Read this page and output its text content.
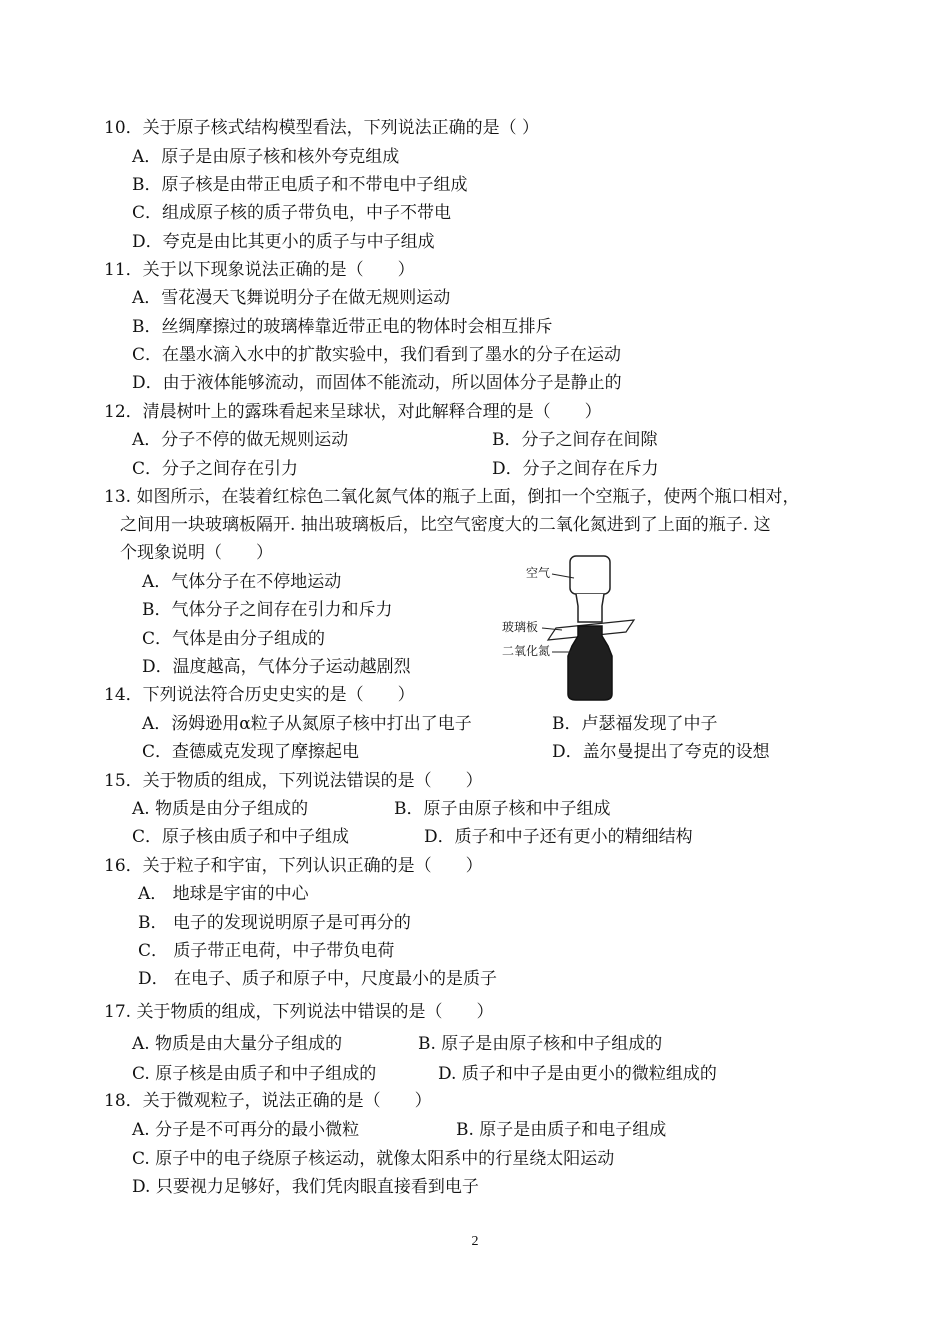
10．关于原子核式结构模型看法，下列说法正确的是（ ）
A．原子是由原子核和核外夸克组成
B．原子核是由带正电质子和不带电中子组成
C．组成原子核的质子带负电，中子不带电
D．夸克是由比其更小的质子与中子组成
11．关于以下现象说法正确的是（　　）
A．雪花漫天飞舞说明分子在做无规则运动
B．丝绸摩擦过的玻璃棒靠近带正电的物体时会相互排斥
C．在墨水滴入水中的扩散实验中，我们看到了墨水的分子在运动
D．由于液体能够流动，而固体不能流动，所以固体分子是静止的
12．清晨树叶上的露珠看起来呈球状，对此解释合理的是（　　）
A．分子不停的做无规则运动	B．分子之间存在间隙
C．分子之间存在引力	D．分子之间存在斥力
13. 如图所示，在装着红棕色二氧化氮气体的瓶子上面，倒扣一个空瓶子，使两个瓶口相对，
之间用一块玻璃板隔开. 抽出玻璃板后，比空气密度大的二氧化氮进到了上面的瓶子. 这
个现象说明（　　）
A．气体分子在不停地运动
B．气体分子之间存在引力和斥力
C．气体是由分子组成的
D．温度越高，气体分子运动越剧烈
空气
玻璃板
二氧化氮
14．下列说法符合历史史实的是（　　）
A．汤姆逊用α粒子从氮原子核中打出了电子	B．卢瑟福发现了中子
C．查德威克发现了摩擦起电	D．盖尔曼提出了夸克的设想
15．关于物质的组成，下列说法错误的是（　　）
A. 物质是由分子组成的	B．原子由原子核和中子组成
C．原子核由质子和中子组成	D．质子和中子还有更小的精细结构
16．关于粒子和宇宙，下列认识正确的是（　　）
A． 地球是宇宙的中心
B． 电子的发现说明原子是可再分的
C． 质子带正电荷，中子带负电荷
D． 在电子、质子和原子中，尺度最小的是质子
17. 关于物质的组成，下列说法中错误的是（　　）
A. 物质是由大量分子组成的	B. 原子是由原子核和中子组成的
C. 原子核是由质子和中子组成的	D. 质子和中子是由更小的微粒组成的
18．关于微观粒子，说法正确的是（　　）
A. 分子是不可再分的最小微粒	B. 原子是由质子和电子组成
C. 原子中的电子绕原子核运动，就像太阳系中的行星绕太阳运动
D. 只要视力足够好，我们凭肉眼直接看到电子
2
